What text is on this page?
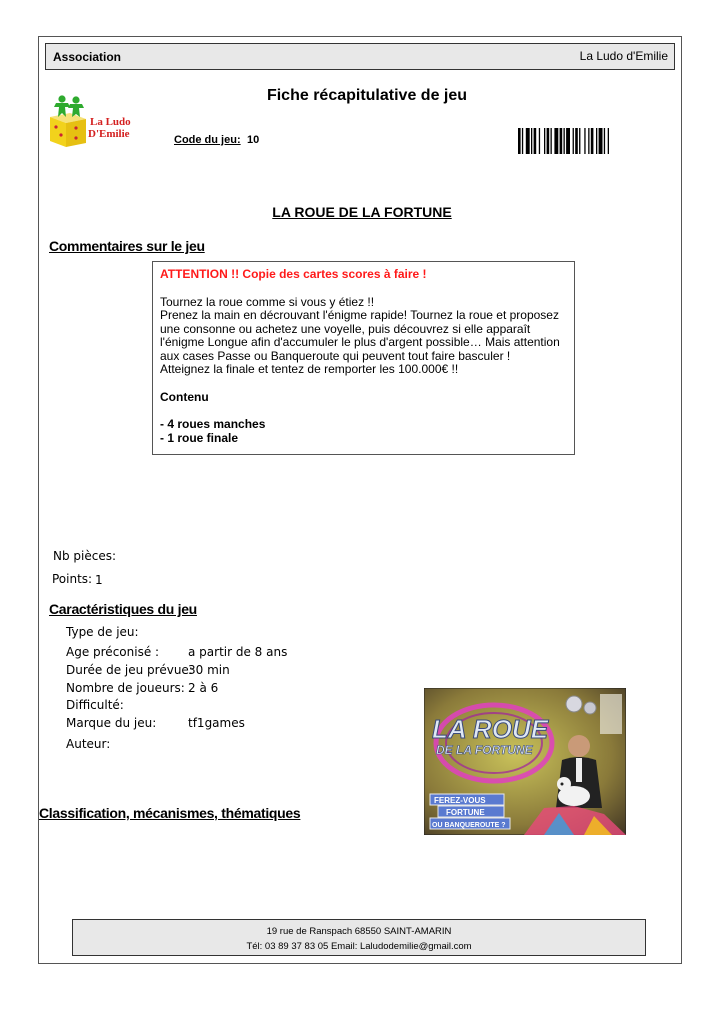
Association	La Ludo d'Emilie
La Ludo
D'Emilie
Fiche récapitulative de jeu
Code du jeu: 10
LA ROUE DE LA FORTUNE
Commentaires sur le jeu

ATTENTION !! Copie des cartes scores à faire !

Tournez la roue comme si vous y étiez !!

Prenez la main en décrouvant l'énigme rapide! Tournez la roue et proposez

une consonne ou achetez une voyelle, puis découvrez si elle apparaît

l'énigme Longue afin d'accumuler le plus d'argent possible… Mais attention

aux cases Passe ou Banqueroute qui peuvent tout faire basculer !

Atteignez la finale et tentez de remporter les 100.000€ !!

Contenu

- 4 roues manches

- 1 roue finale

Nb pièces:
Points: 1
Caractéristiques du jeu
Type de jeu:
Age préconisé : a partir de 8 ans
Durée de jeu prévue:
30 min
Nombre de joueurs: 2 à 6
Difficulté:
Marque du jeu:	tf1games
Auteur:
Classification, mécanismes, thématiques
LA ROUE
DE LA FORTUNE
FEREZ-VOUS
FORTUNE
OU BANQUEROUTE ?
19 rue de Ranspach 68550 SAINT-AMARIN
Tél: 03 89 37 83 05 Email: Laludodemilie@gmail.com
